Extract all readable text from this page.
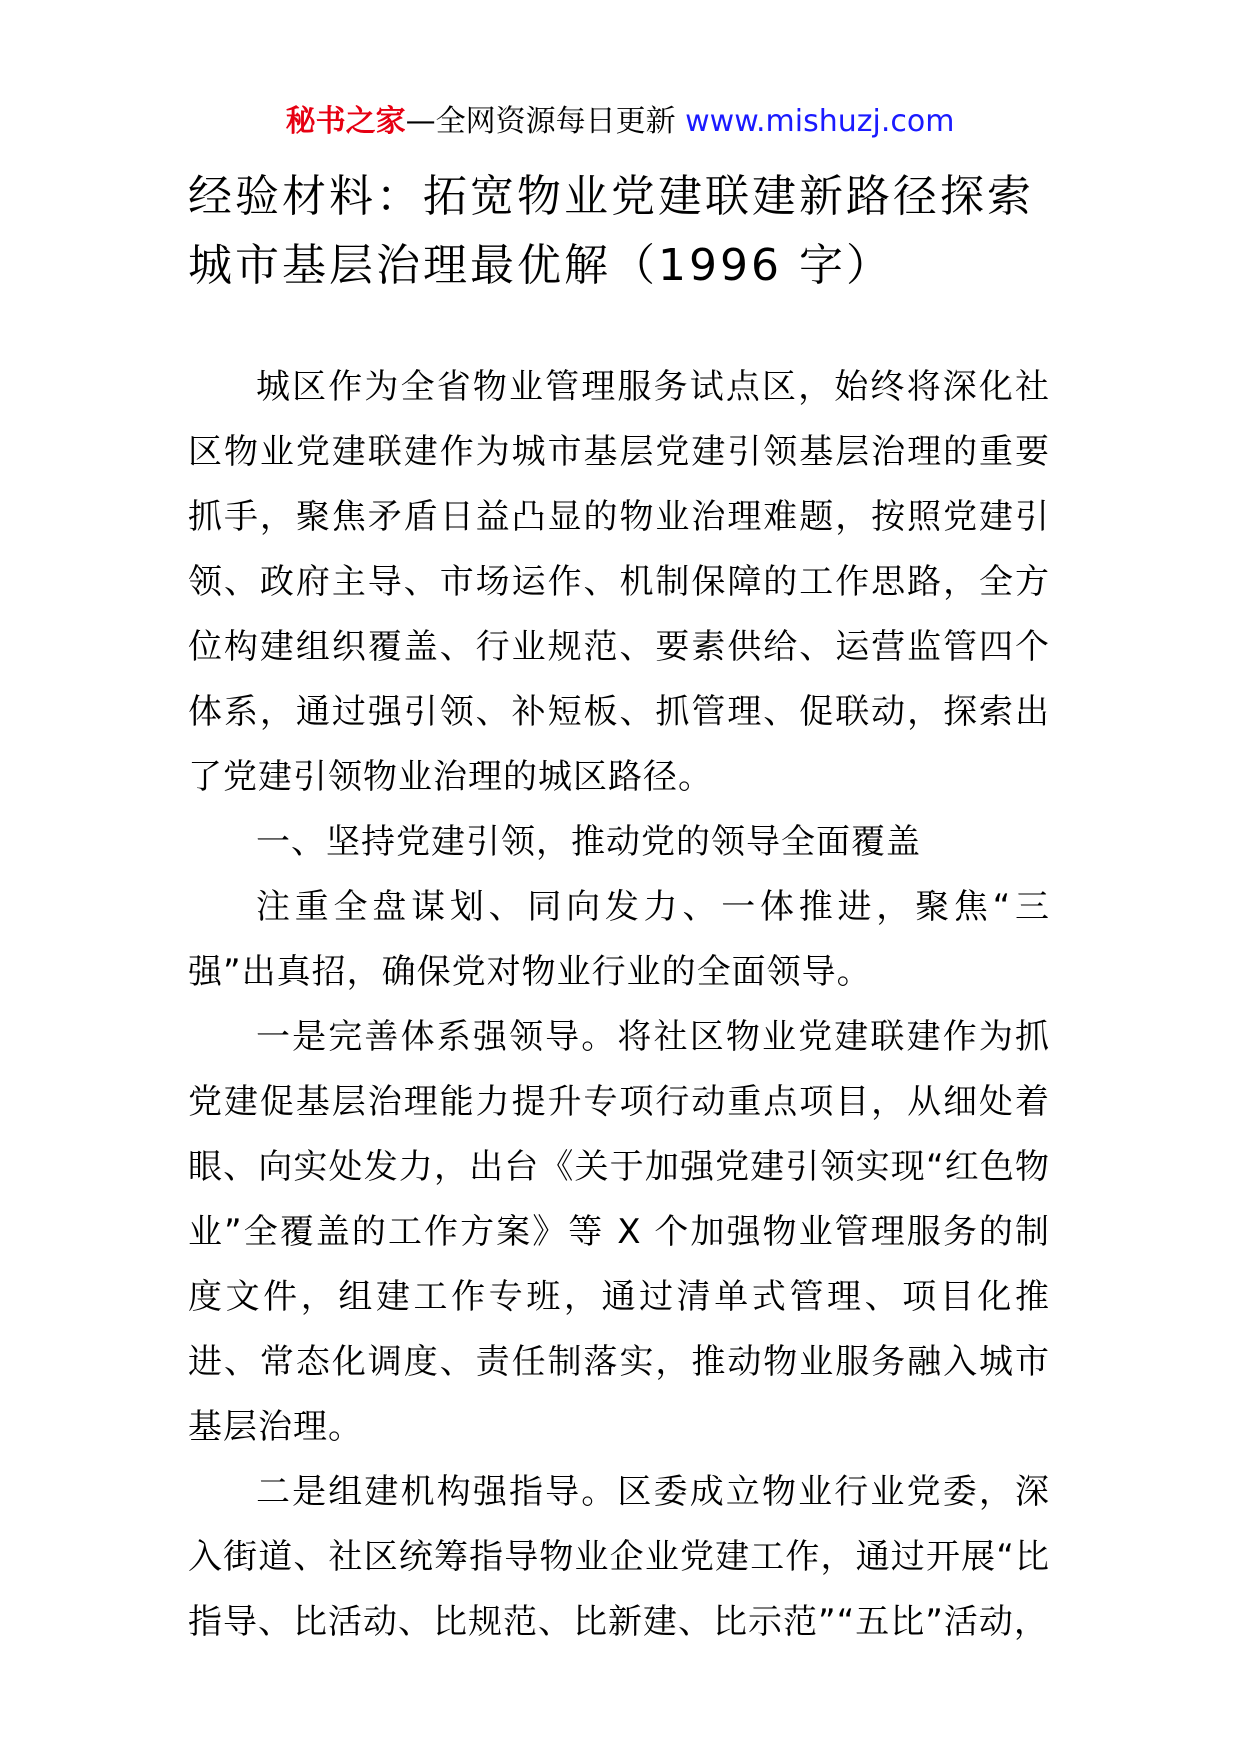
秘书之家—全网资源每日更新 www.mishuzj.com
经验材料：拓宽物业党建联建新路径探索
城市基层治理最优解（1996 字）

城区作为全省物业管理服务试点区，始终将深化社区物业党建联建作为城市基层党建引领基层治理的重要抓手，聚焦矛盾日益凸显的物业治理难题，按照党建引领、政府主导、市场运作、机制保障的工作思路，全方位构建组织覆盖、行业规范、要素供给、运营监管四个体系，通过强引领、补短板、抓管理、促联动，探索出了党建引领物业治理的城区路径。

一、坚持党建引领，推动党的领导全面覆盖

注重全盘谋划、同向发力、一体推进，聚焦“三强”出真招，确保党对物业行业的全面领导。

一是完善体系强领导。将社区物业党建联建作为抓党建促基层治理能力提升专项行动重点项目，从细处着眼、向实处发力，出台《关于加强党建引领实现“红色物业”全覆盖的工作方案》等 X 个加强物业管理服务的制度文件，组建工作专班，通过清单式管理、项目化推进、常态化调度、责任制落实，推动物业服务融入城市基层治理。

二是组建机构强指导。区委成立物业行业党委，深入街道、社区统筹指导物业企业党建工作，通过开展“比指导、比活动、比规范、比新建、比示范”“五比”活动，
